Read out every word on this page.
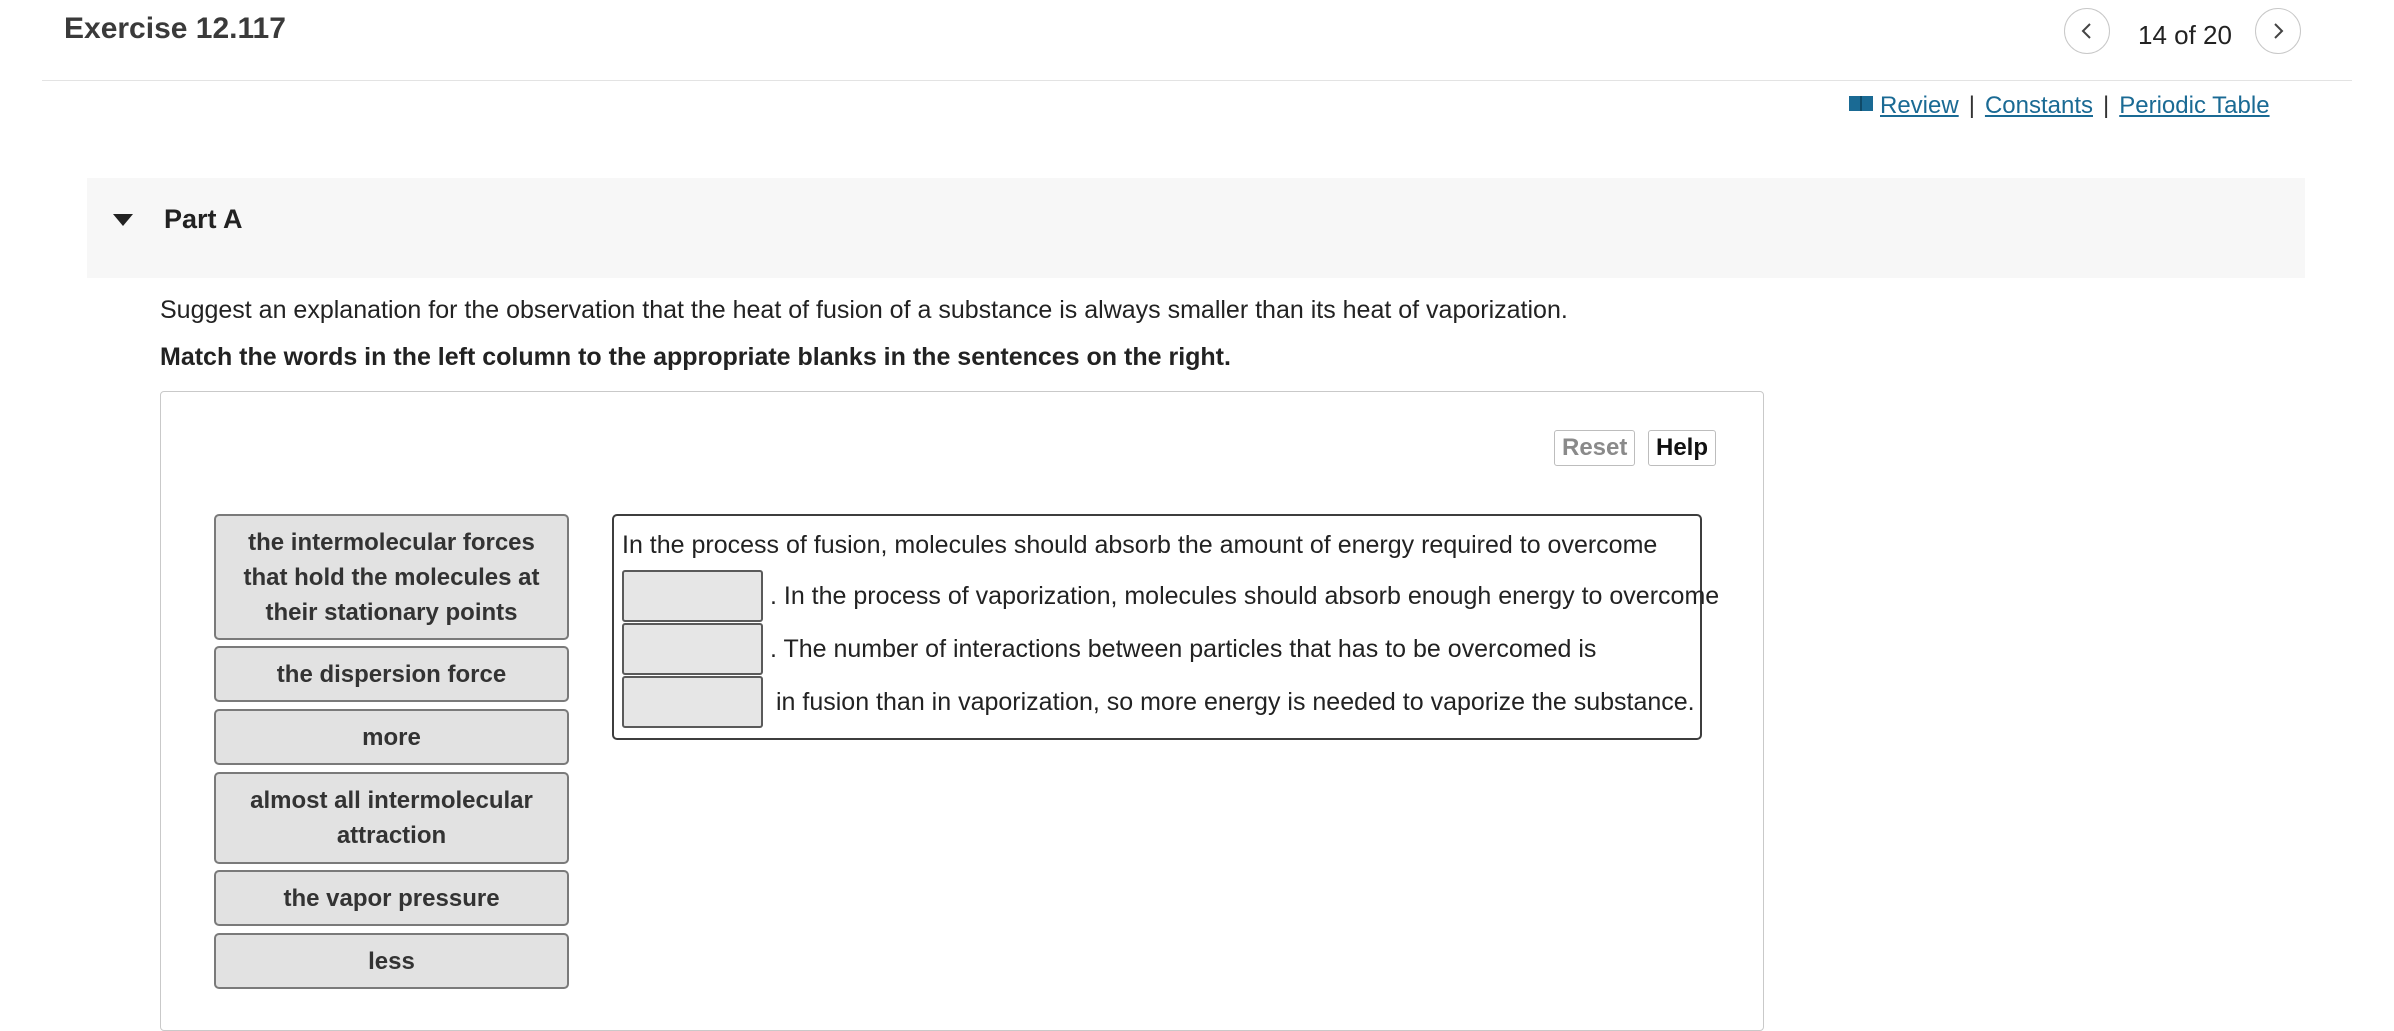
Exercise 12.117	14 of 20
Review | Constants | Periodic Table
Part A
Suggest an explanation for the observation that the heat of fusion of a substance is always smaller than its heat of vaporization.
Match the words in the left column to the appropriate blanks in the sentences on the right.
Reset	Help
the intermolecular forces that hold the molecules at their stationary points
the dispersion force
more
almost all intermolecular attraction
the vapor pressure
less
In the process of fusion, molecules should absorb the amount of energy required to overcome
. In the process of vaporization, molecules should absorb enough energy to overcome
. The number of interactions between particles that has to be overcomed is
in fusion than in vaporization, so more energy is needed to vaporize the substance.
